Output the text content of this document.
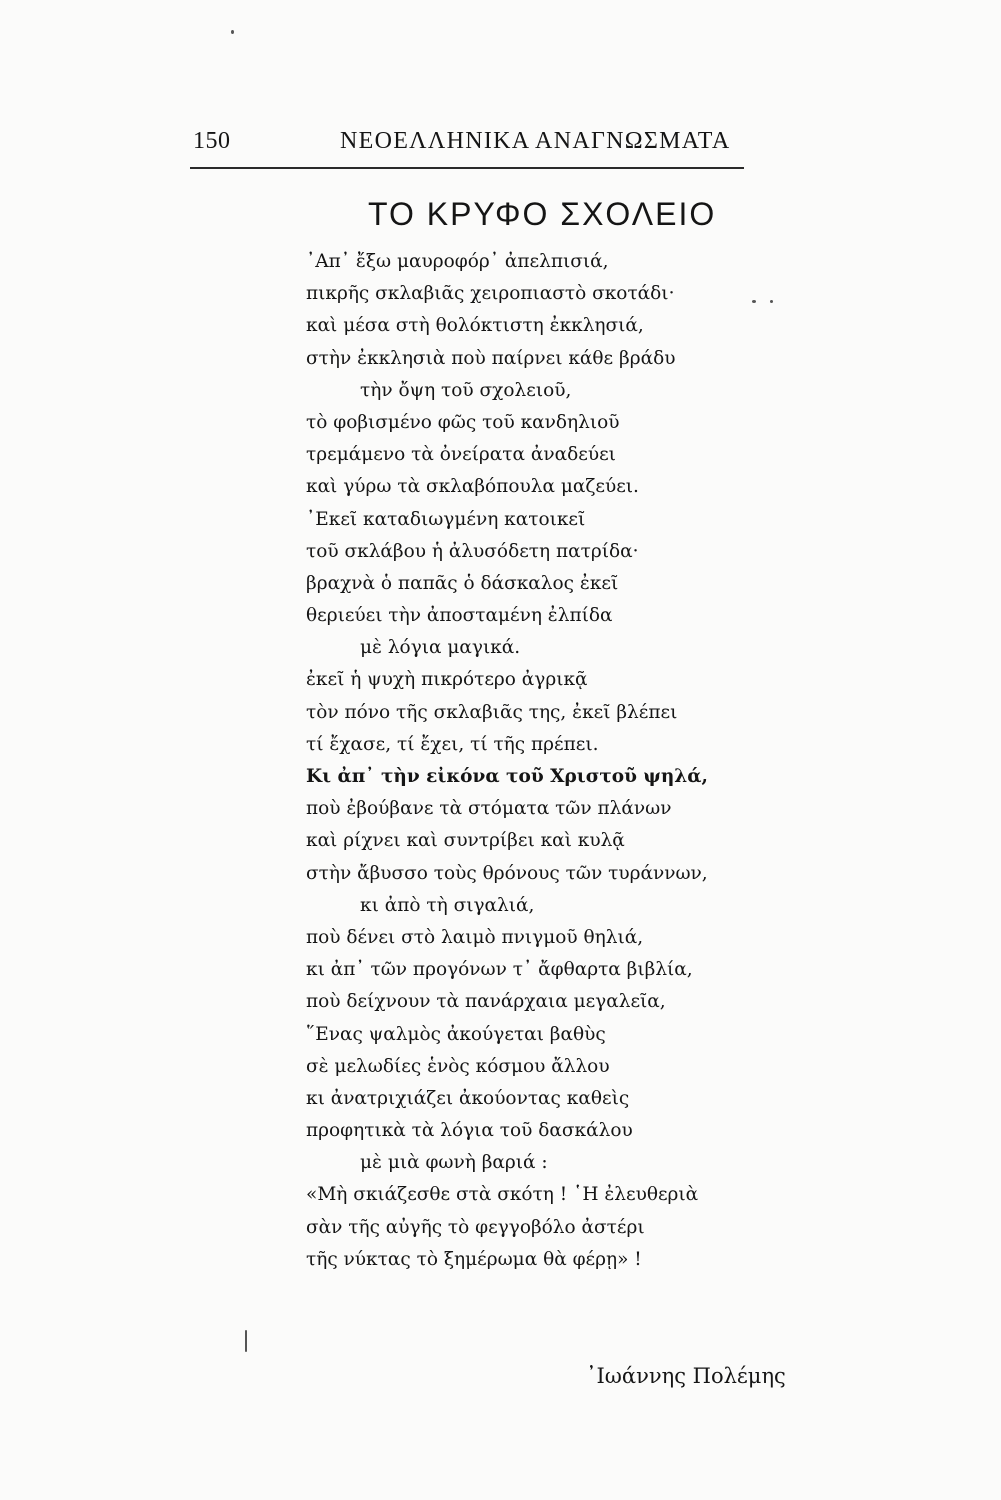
150	ΝΕΟΕΛΛΗΝΙΚΑ ΑΝΑΓΝΩΣΜΑΤΑ
ΤΟ ΚΡΥΦΟ ΣΧΟΛΕΙΟ
᾿Απ᾿ ἔξω μαυροφόρ᾿ ἀπελπισιά,
πικρῆς σκλαβιᾶς χειροπιαστὸ σκοτάδι·
καὶ μέσα στὴ θολόκτιστη ἐκκλησιά,
στὴν ἐκκλησιὰ ποὺ παίρνει κάθε βράδυ
τὴν ὄψη τοῦ σχολειοῦ,
τὸ φοβισμένο φῶς τοῦ κανδηλιοῦ
τρεμάμενο τὰ ὀνείρατα ἀναδεύει
καὶ γύρω τὰ σκλαβόπουλα μαζεύει.
᾿Εκεῖ καταδιωγμένη κατοικεῖ
τοῦ σκλάβου ἡ ἀλυσόδετη πατρίδα·
βραχνὰ ὁ παπᾶς ὁ δάσκαλος ἐκεῖ
θεριεύει τὴν ἀποσταμένη ἐλπίδα
μὲ λόγια μαγικά.
ἐκεῖ ἡ ψυχὴ πικρότερο ἀγρικᾷ
τὸν πόνο τῆς σκλαβιᾶς της, ἐκεῖ βλέπει
τί ἔχασε, τί ἔχει, τί τῆς πρέπει.
Κι ἀπ᾿ τὴν εἰκόνα τοῦ Χριστοῦ ψηλά,
ποὺ ἐβούβανε τὰ στόματα τῶν πλάνων
καὶ ρίχνει καὶ συντρίβει καὶ κυλᾷ
στὴν ἄβυσσο τοὺς θρόνους τῶν τυράννων,
κι ἀπὸ τὴ σιγαλιά,
ποὺ δένει στὸ λαιμὸ πνιγμοῦ θηλιά,
κι ἀπ᾿ τῶν προγόνων τ᾿ ἄφθαρτα βιβλία,
ποὺ δείχνουν τὰ πανάρχαια μεγαλεῖα,
῞Ενας ψαλμὸς ἀκούγεται βαθὺς
σὲ μελωδίες ἑνὸς κόσμου ἄλλου
κι ἀνατριχιάζει ἀκούοντας καθεὶς
προφητικὰ τὰ λόγια τοῦ δασκάλου
μὲ μιὰ φωνὴ βαριά :
«Μὴ σκιάζεσθε στὰ σκότη ! ῾Η ἐλευθεριὰ
σὰν τῆς αὐγῆς τὸ φεγγοβόλο ἀστέρι
τῆς νύκτας τὸ ξημέρωμα θὰ φέρῃ» !
᾿Ιωάννης Πολέμης
